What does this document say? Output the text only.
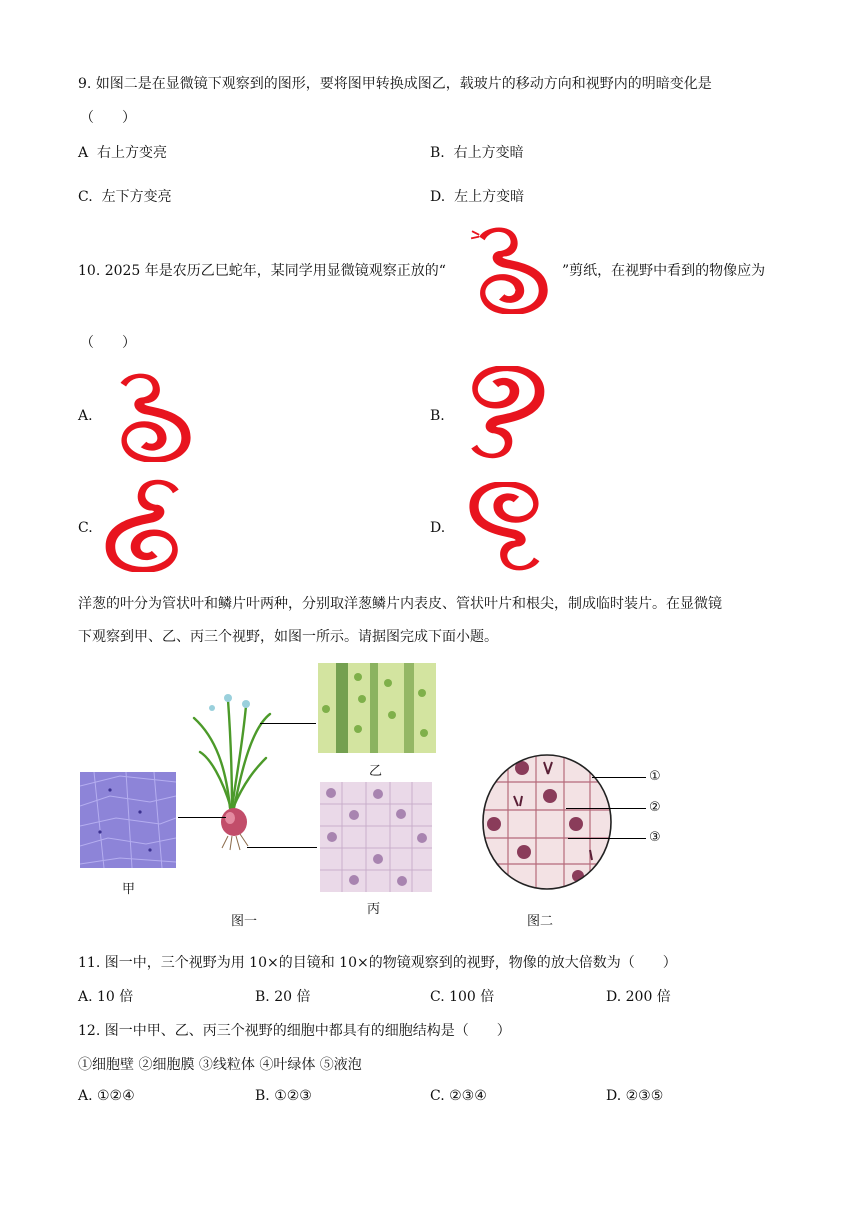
9. 如图二是在显微镜下观察到的图形，要将图甲转换成图乙，载玻片的移动方向和视野内的明暗变化是
（　　）
A 右上方变亮	B. 右上方变暗
C. 左下方变亮	D. 左上方变暗
10. 2025 年是农历乙巳蛇年，某同学用显微镜观察正放的“	”剪纸，在视野中看到的物像应为
（　　）
A.	B.
C.	D.
洋葱的叶分为管状叶和鳞片叶两种，分别取洋葱鳞片内表皮、管状叶片和根尖，制成临时装片。在显微镜
下观察到甲、乙、丙三个视野，如图一所示。请据图完成下面小题。
甲
乙
丙
图一
①
②
③
图二
11. 图一中，三个视野为用 10×的目镜和 10×的物镜观察到的视野，物像的放大倍数为（　　）
A. 10 倍	B. 20 倍	C. 100 倍	D. 200 倍
12. 图一中甲、乙、丙三个视野的细胞中都具有的细胞结构是（　　）
①细胞壁 ②细胞膜 ③线粒体 ④叶绿体 ⑤液泡
A. ①②④	B. ①②③	C. ②③④	D. ②③⑤
